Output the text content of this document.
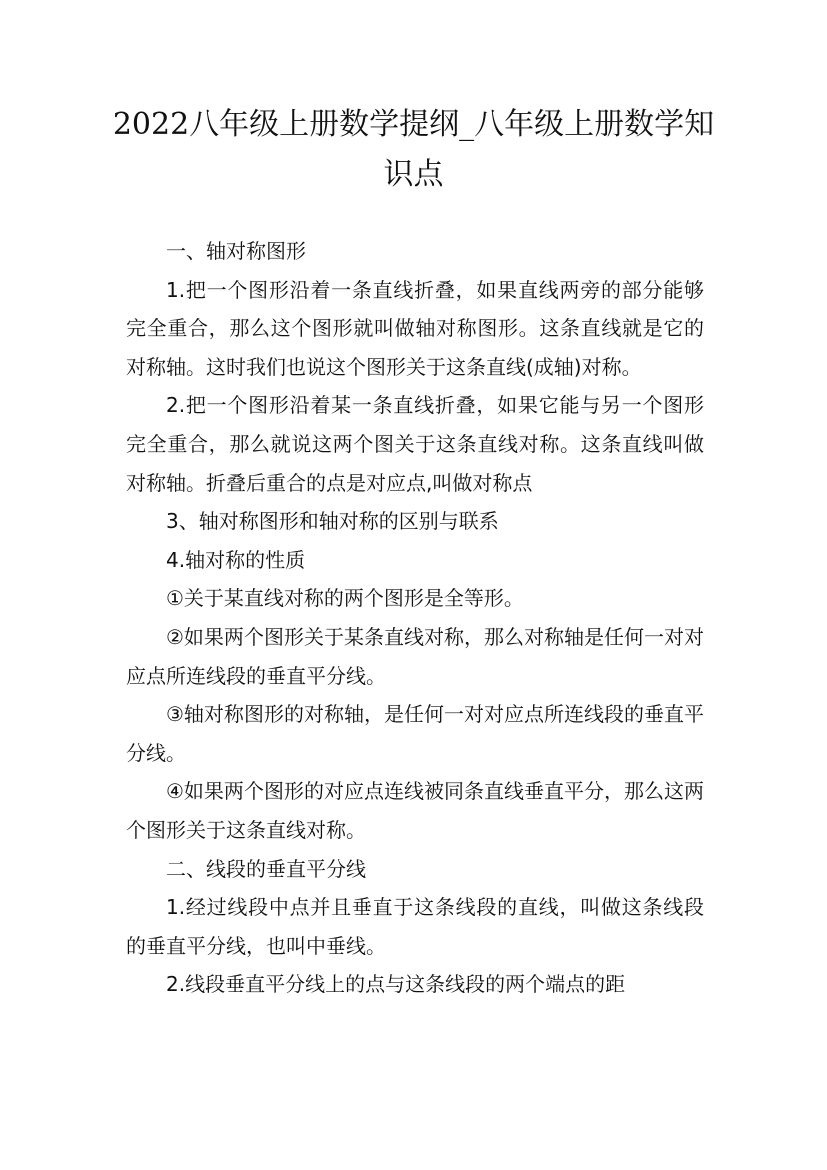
2022八年级上册数学提纲_八年级上册数学知识点

一、轴对称图形

1.把一个图形沿着一条直线折叠，如果直线两旁的部分能够完全重合，那么这个图形就叫做轴对称图形。这条直线就是它的对称轴。这时我们也说这个图形关于这条直线(成轴)对称。

2.把一个图形沿着某一条直线折叠，如果它能与另一个图形完全重合，那么就说这两个图关于这条直线对称。这条直线叫做对称轴。折叠后重合的点是对应点,叫做对称点

3、轴对称图形和轴对称的区别与联系

4.轴对称的性质

①关于某直线对称的两个图形是全等形。

②如果两个图形关于某条直线对称，那么对称轴是任何一对对应点所连线段的垂直平分线。

③轴对称图形的对称轴，是任何一对对应点所连线段的垂直平分线。

④如果两个图形的对应点连线被同条直线垂直平分，那么这两个图形关于这条直线对称。

二、线段的垂直平分线

1.经过线段中点并且垂直于这条线段的直线，叫做这条线段的垂直平分线，也叫中垂线。

2.线段垂直平分线上的点与这条线段的两个端点的距
